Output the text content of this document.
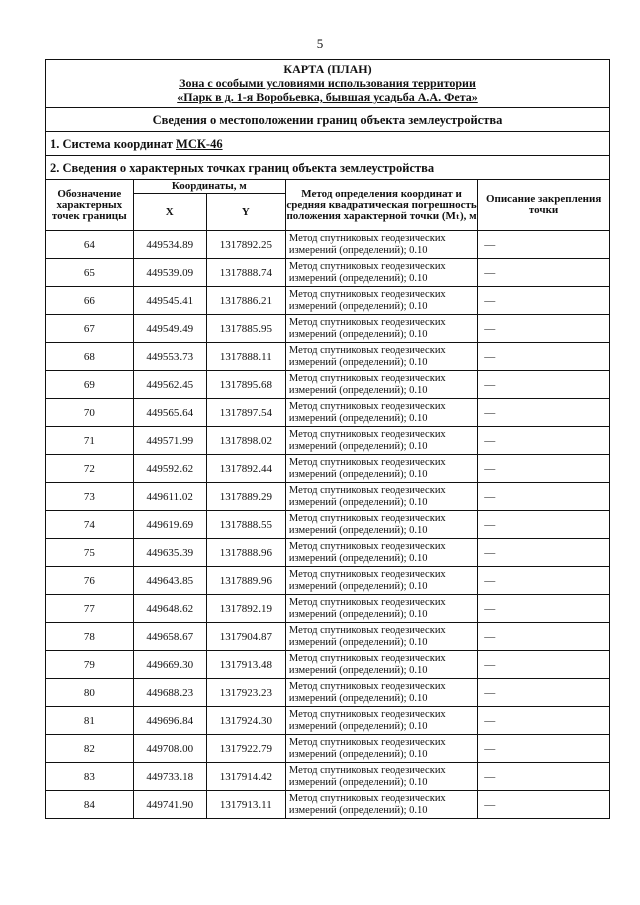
5
КАРТА (ПЛАН)
Зона с особыми условиями использования территории
«Парк в д. 1-я Воробьевка, бывшая усадьба А.А. Фета»
Сведения о местоположении границ объекта землеустройства
1. Система координат МСК-46
2. Сведения о характерных точках границ объекта землеустройства
Обозначение характерных точек границы	Координаты, м		Метод определения координат и средняя квадратическая погрешность положения характерной точки (Mₜ), м	Описание закрепления точки
	X	Y		
64	449534.89	1317892.25	Метод спутниковых геодезических измерений (определений); 0.10	—
65	449539.09	1317888.74	Метод спутниковых геодезических измерений (определений); 0.10	—
66	449545.41	1317886.21	Метод спутниковых геодезических измерений (определений); 0.10	—
67	449549.49	1317885.95	Метод спутниковых геодезических измерений (определений); 0.10	—
68	449553.73	1317888.11	Метод спутниковых геодезических измерений (определений); 0.10	—
69	449562.45	1317895.68	Метод спутниковых геодезических измерений (определений); 0.10	—
70	449565.64	1317897.54	Метод спутниковых геодезических измерений (определений); 0.10	—
71	449571.99	1317898.02	Метод спутниковых геодезических измерений (определений); 0.10	—
72	449592.62	1317892.44	Метод спутниковых геодезических измерений (определений); 0.10	—
73	449611.02	1317889.29	Метод спутниковых геодезических измерений (определений); 0.10	—
74	449619.69	1317888.55	Метод спутниковых геодезических измерений (определений); 0.10	—
75	449635.39	1317888.96	Метод спутниковых геодезических измерений (определений); 0.10	—
76	449643.85	1317889.96	Метод спутниковых геодезических измерений (определений); 0.10	—
77	449648.62	1317892.19	Метод спутниковых геодезических измерений (определений); 0.10	—
78	449658.67	1317904.87	Метод спутниковых геодезических измерений (определений); 0.10	—
79	449669.30	1317913.48	Метод спутниковых геодезических измерений (определений); 0.10	—
80	449688.23	1317923.23	Метод спутниковых геодезических измерений (определений); 0.10	—
81	449696.84	1317924.30	Метод спутниковых геодезических измерений (определений); 0.10	—
82	449708.00	1317922.79	Метод спутниковых геодезических измерений (определений); 0.10	—
83	449733.18	1317914.42	Метод спутниковых геодезических измерений (определений); 0.10	—
84	449741.90	1317913.11	Метод спутниковых геодезических измерений (определений); 0.10	—
